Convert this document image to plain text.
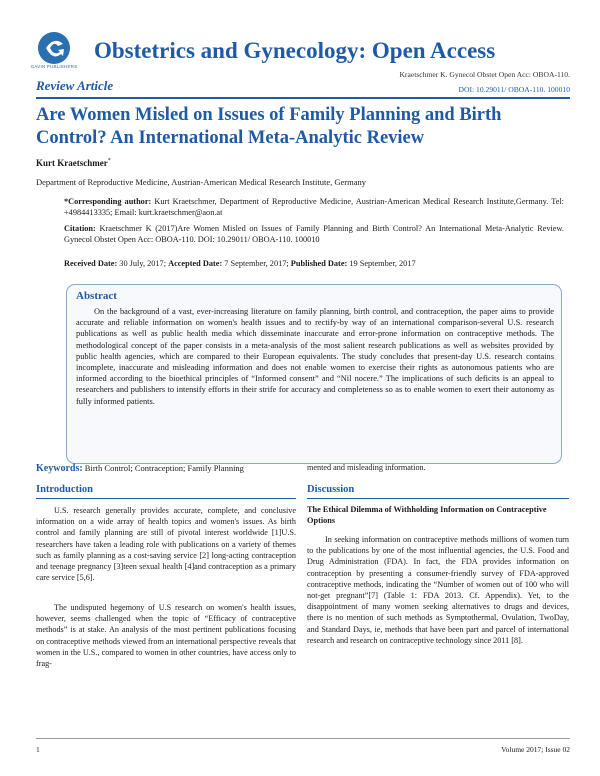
GAVIN PUBLISHERS
Obstetrics and Gynecology: Open Access
Kraetschmer K. Gynecol Obstet Open Acc: OBOA-110.
Review Article	DOI: 10.29011/ OBOA-110. 100010
Are Women Misled on Issues of Family Planning and Birth Control? An International Meta-Analytic Review
Kurt Kraetschmer*
Department of Reproductive Medicine, Austrian-American Medical Research Institute, Germany
*Corresponding author: Kurt Kraetschmer, Department of Reproductive Medicine, Austrian-American Medical Research Institute,Germany. Tel: +4984413335; Email: kurt.kraetschmer@aon.at
Citation: Kraetschmer K (2017)Are Women Misled on Issues of Family Planning and Birth Control? An International Meta-Analytic Review. Gynecol Obstet Open Acc: OBOA-110. DOI: 10.29011/ OBOA-110. 100010
Received Date: 30 July, 2017; Accepted Date: 7 September, 2017; Published Date: 19 September, 2017
Abstract
On the background of a vast, ever-increasing literature on family planning, birth control, and contraception, the paper aims to provide accurate and reliable information on women's health issues and to rectify-by way of an international comparison-several U.S. research publications as well as public health media which disseminate inaccurate and error-prone information on contraceptive methods. The methodological concept of the paper consists in a meta-analysis of the most salient research publications as well as websites provided by public health agencies, which are compared to their European equivalents. The study concludes that present-day U.S. research contains incomplete, inaccurate and misleading information and does not enable women to exercise their rights as autonomous patients who are informed according to the bioethical principles of “Informed consent” and “Nil nocere.” The implications of such deficits is an appeal to researchers and publishers to intensify efforts in their strife for accuracy and completeness so as to enable women to exert their autonomy as fully informed patients.
Keywords: Birth Control; Contraception; Family Planning
Introduction
U.S. research generally provides accurate, complete, and conclusive information on a wide array of health topics and women's issues. As birth control and family planning are still of pivotal interest worldwide [1]U.S. researchers have taken a leading role with publications on a variety of themes such as family planning as a cost-saving service [2] long-acting contraception and teenage pregnancy [3]teen sexual health [4]and contraception as a primary care service [5,6].
The undisputed hegemony of U.S research on women's health issues, however, seems challenged when the topic of “Efficacy of contraceptive methods” is at stake. An analysis of the most pertinent publications focusing on contraceptive methods viewed from an international perspective reveals that women in the U.S., compared to women in other countries, have access only to frag-
mented and misleading information.
Discussion
The Ethical Dilemma of Withholding Information on Contraceptive Options
In seeking information on contraceptive methods millions of women turn to the publications by one of the most influential agencies, the U.S. Food and Drug Administration (FDA). In fact, the FDA provides information on contraception by presenting a consumer-friendly survey of FDA-approved contraceptive methods, indicating the “Number of women out of 100 who will not-get pregnant”[7] (Table 1: FDA 2013. Cf. Appendix). Yet, to the disappointment of many women seeking alternatives to drugs and devices, there is no mention of such methods as Symptothermal, Ovulation, TwoDay, and Standard Days, ie, methods that have been part and parcel of international research and research on contraceptive technology since 2011 [8].
1	Volume 2017; Issue 02
